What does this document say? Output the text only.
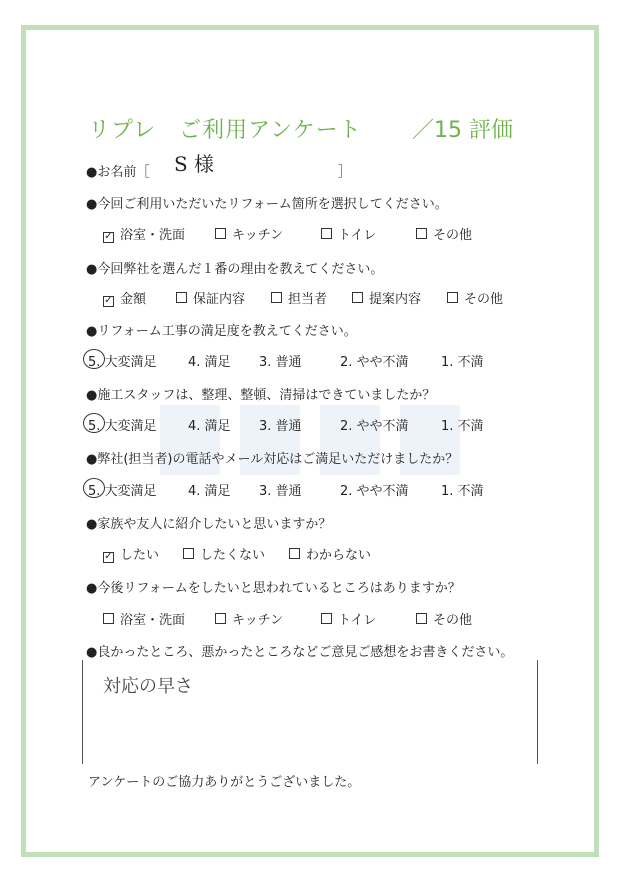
リプレ　ご利用アンケート ／15 評価
●お名前［ S 様	］
●今回ご利用いただいたリフォーム箇所を選択してください。
✓ 浴室・洗面	キッチン	トイレ	その他
●今回弊社を選んだ１番の理由を教えてください。
✓ 金額	保証内容	担当者	提案内容	その他
●リフォーム工事の満足度を教えてください。
5. 大変満足 4. 満足 3. 普通	2. やや不満 1. 不満
●施工スタッフは、整理、整頓、清掃はできていましたか？
5. 大変満足 4. 満足 3. 普通	2. やや不満 1. 不満
●弊社(担当者)の電話やメール対応はご満足いただけましたか？
5. 大変満足 4. 満足 3. 普通	2. やや不満 1. 不満
●家族や友人に紹介したいと思いますか？
✓ したい	したくない	わからない
●今後リフォームをしたいと思われているところはありますか？
浴室・洗面	キッチン	トイレ	その他
●良かったところ、悪かったところなどご意見ご感想をお書きください。
対応の早さ
アンケートのご協力ありがとうございました。
